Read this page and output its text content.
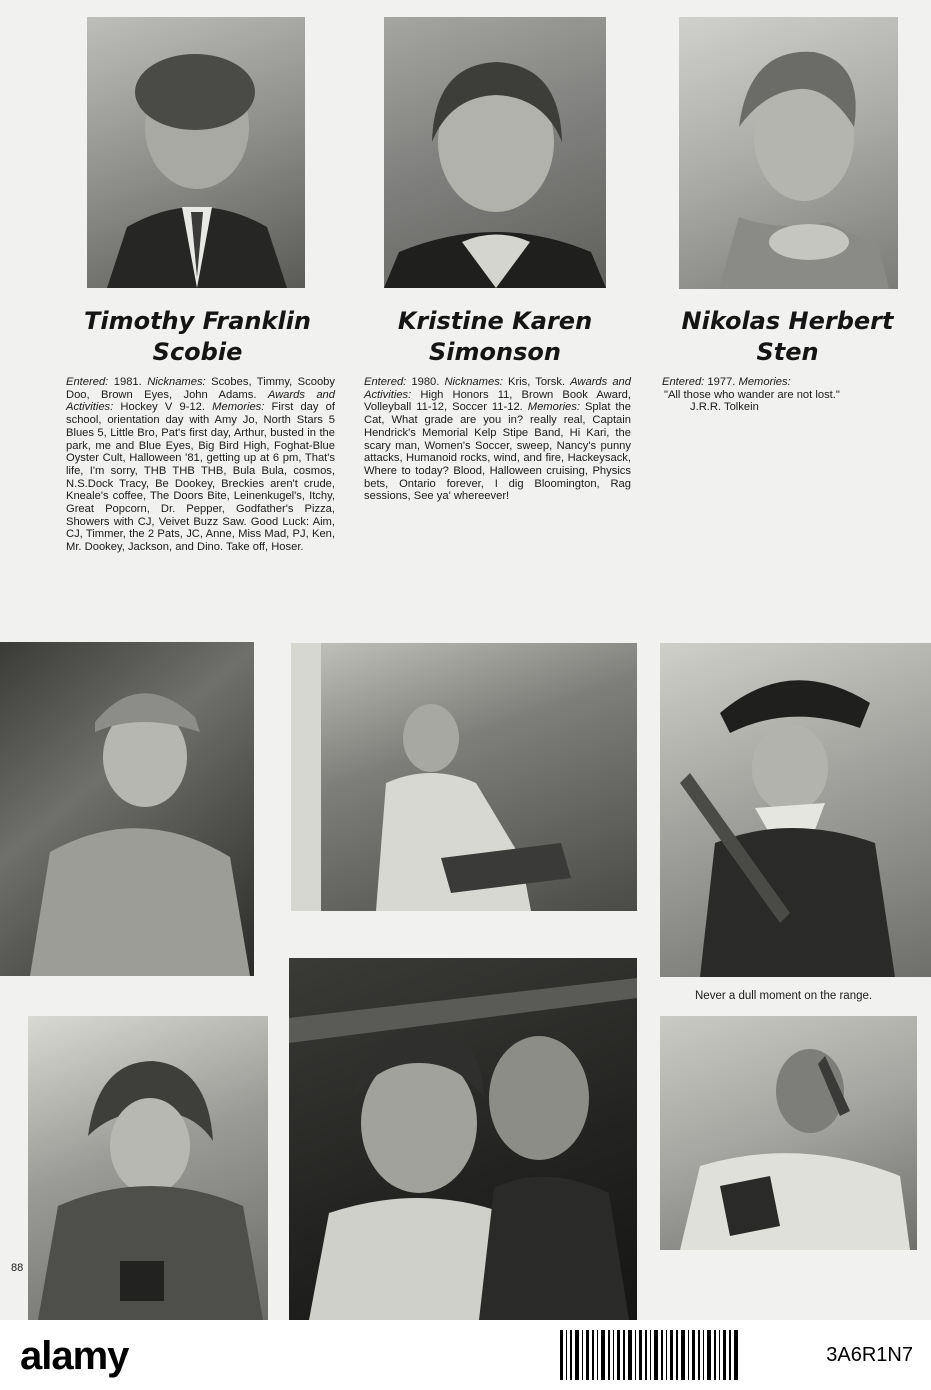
Timothy Franklin
Scobie
Kristine Karen
Simonson
Nikolas Herbert
Sten

Entered: 1981. Nicknames: Scobes, Timmy, Scooby Doo, Brown Eyes, John Adams. Awards and Activities: Hockey V 9-12. Memories: First day of school, orientation day with Amy Jo, North Stars 5 Blues 5, Little Bro, Pat's first day, Arthur, busted in the park, me and Blue Eyes, Big Bird High, Foghat-Blue Oyster Cult, Halloween '81, getting up at 6 pm, That's life, I'm sorry, THB THB THB, Bula Bula, cosmos, N.S.Dock Tracy, Be Dookey, Breckies aren't crude, Kneale's coffee, The Doors Bite, Leinenkugel's, Itchy, Great Popcorn, Dr. Pepper, Godfather's Pizza, Showers with CJ, Veivet Buzz Saw. Good Luck: Aim, CJ, Timmer, the 2 Pats, JC, Anne, Miss Mad, PJ, Ken, Mr. Dookey, Jackson, and Dino. Take off, Hoser.

Entered: 1980. Nicknames: Kris, Torsk. Awards and Activities: High Honors 11, Brown Book Award, Volleyball 11-12, Soccer 11-12. Memories: Splat the Cat, What grade are you in? really real, Captain Hendrick's Memorial Kelp Stipe Band, Hi Kari, the scary man, Women's Soccer, sweep, Nancy's punny attacks, Humanoid rocks, wind, and fire, Hackeysack, Where to today? Blood, Halloween cruising, Physics bets, Ontario forever, I dig Bloomington, Rag sessions, See ya' whereever!

Entered: 1977. Memories:
"All those who wander are not lost."
J.R.R. Tolkein
Never a dull moment on the range.
88
alamy	3A6R1N7
